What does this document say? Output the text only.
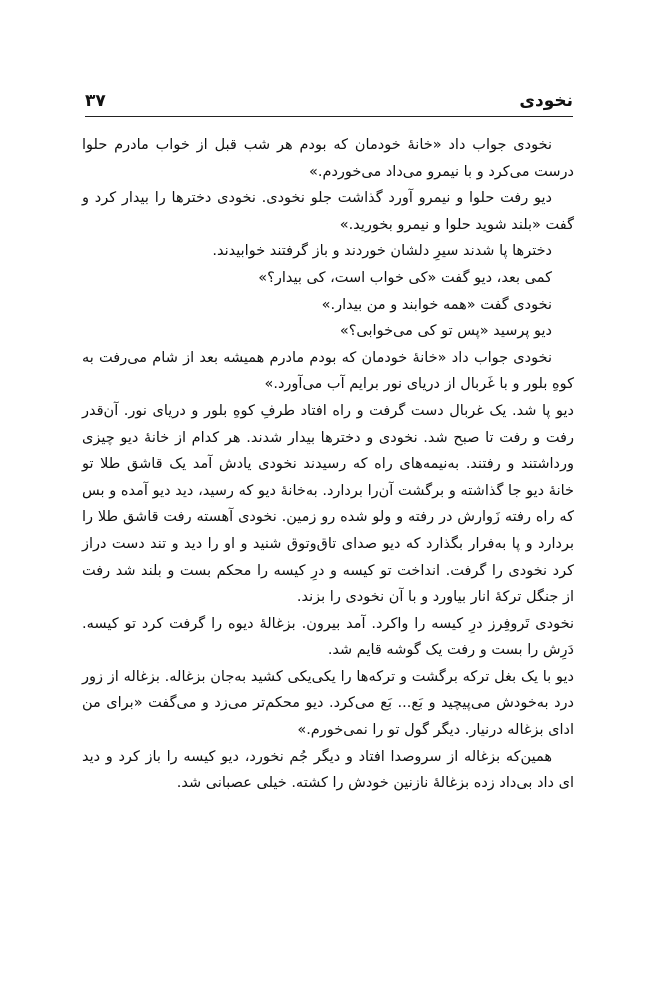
۳۷	نخودی

نخودی جواب داد «خانهٔ خودمان که بودم هر شب قبل از خواب مادرم حلوا درست می‌کرد و با نیمرو می‌داد می‌خوردم.»

دیو رفت حلوا و نیمرو آورد گذاشت جلو نخودی. نخودی دخترها را بیدار کرد و گفت «بلند شوید حلوا و نیمرو بخورید.»

دخترها پا شدند سیرِ دلشان خوردند و باز گرفتند خوابیدند.

کمی بعد، دیو گفت «کی خواب است، کی بیدار؟»

نخودی گفت «همه خوابند و من بیدار.»

دیو پرسید «پس تو کی می‌خوابی؟»

نخودی جواب داد «خانهٔ خودمان که بودم مادرم همیشه بعد از شام می‌رفت به کوهِ بلور و با غَربال از دریای نور برایم آب می‌آورد.»

دیو پا شد. یک غربال دست گرفت و راه افتاد طرفِ کوهِ بلور و دریای نور. آن‌قدر رفت و رفت تا صبح شد. نخودی و دخترها بیدار شدند. هر کدام از خانهٔ دیو چیزی ورداشتند و رفتند. به‌نیمه‌های راه که رسیدند نخودی یادش آمد یک قاشق طلا تو خانهٔ دیو جا گذاشته و برگشت آن‌را بردارد. به‌خانهٔ دیو که رسید، دید دیو آمده و بس که راه رفته زَوارش در رفته و ولو شده رو زمین. نخودی آهسته رفت قاشق طلا را بردارد و پا به‌فرار بگذارد که دیو صدای تاق‌وتوق شنید و او را دید و تند دست دراز کرد نخودی را گرفت. انداخت تو کیسه و درِ کیسه را محکم بست و بلند شد رفت از جنگل ترکهٔ انار بیاورد و با آن نخودی را بزند.

نخودی تَروفِرز درِ کیسه را واکرد. آمد بیرون. بزغالهٔ دیوه را گرفت کرد تو کیسه. دَرِش را بست و رفت یک گوشه قایم شد.

دیو با یک بغل ترکه برگشت و ترکه‌ها را یکی‌یکی کشید به‌جان بزغاله. بزغاله از زور درد به‌خودش می‌پیچید و بَع... بَع می‌کرد. دیو محکم‌تر می‌زد و می‌گفت «برای من ادای بزغاله درنیار. دیگر گول تو را نمی‌خورم.»

همین‌که بزغاله از سروصدا افتاد و دیگر جُم نخورد، دیو کیسه را باز کرد و دید ای داد بی‌داد زده بزغالهٔ نازنین خودش را کشته. خیلی عصبانی شد.
